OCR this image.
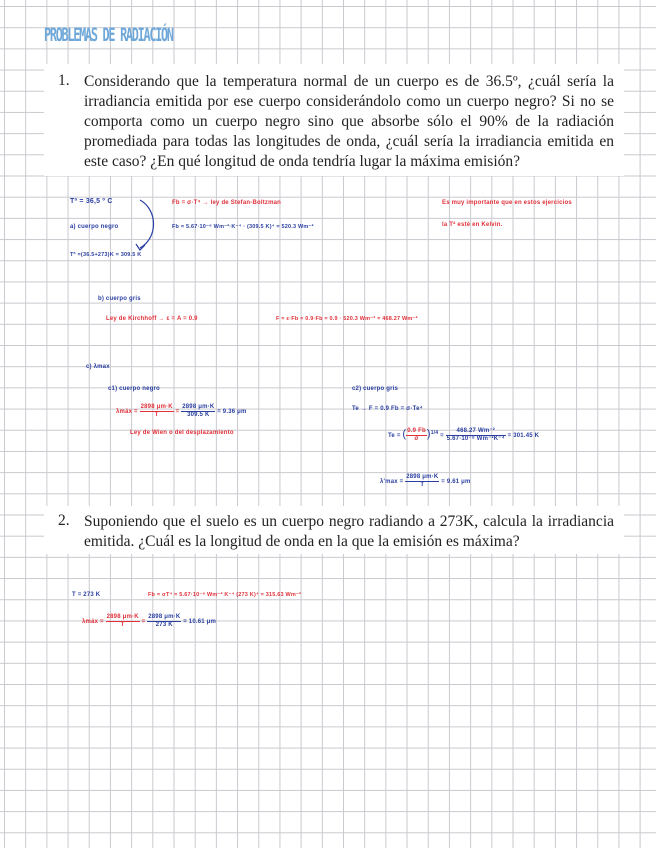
PROBLEMAS DE RADIACIÓN
1. Considerando que la temperatura normal de un cuerpo es de 36.5º, ¿cuál sería la irradiancia emitida por ese cuerpo considerándolo como un cuerpo negro? Si no se comporta como un cuerpo negro sino que absorbe sólo el 90% de la radiación promediada para todas las longitudes de onda, ¿cuál sería la irradiancia emitida en este caso? ¿En qué longitud de onda tendría lugar la máxima emisión?
Tª = 36,5 º C
a) cuerpo negro
Tª =(36.5+273)K = 309.5 K
Fb = σ·T⁴ → ley de Stefan-Boltzman
Fb = 5.67·10⁻⁸ Wm⁻²·K⁻⁴ · (309.5 K)⁴ = 520.3 Wm⁻²
Es muy importante que en estos ejercicios
la Tª esté en Kelvin.
b) cuerpo gris
Ley de Kirchhoff → ε = A = 0.9	F = ε·Fb = 0.9·Fb = 0.9 · 520.3 Wm⁻² = 468.27 Wm⁻²
c) λmax
c1) cuerpo negro
λmáx = $\frac{2898 \mu m\cdot K}{T} = \frac{2898 \mu m\cdot K}{309.5 K} = 9.36$ μm
Ley de Wien o del desplazamiento
c2) cuerpo gris
Te → F = 0.9 Fb = σ·Te⁴
Te = ( $\frac{0.9 Fb}{\sigma} )^{1/4} = \frac{\text{468.27 Wm⁻²}}{\text{5.67·10⁻⁸ Wm⁻²K⁻⁴}} = 301.45$ K
$\lambda'\max = \frac{2898 \mu m\cdot K}{T} = 9.61$ μm
2. Suponiendo que el suelo es un cuerpo negro radiando a 273K, calcula la irradiancia emitida. ¿Cuál es la longitud de onda en la que la emisión es máxima?
T = 273 K	Fb = σT⁴ = 5.67·10⁻⁸ Wm⁻² K⁻⁴ (273 K)⁴ = 315.63 Wm⁻²
λmáx = $\frac{2898 \mu m\cdot K}{T} = \frac{2898 \mu m\cdot K}{273 K} = 10.61$ μm
